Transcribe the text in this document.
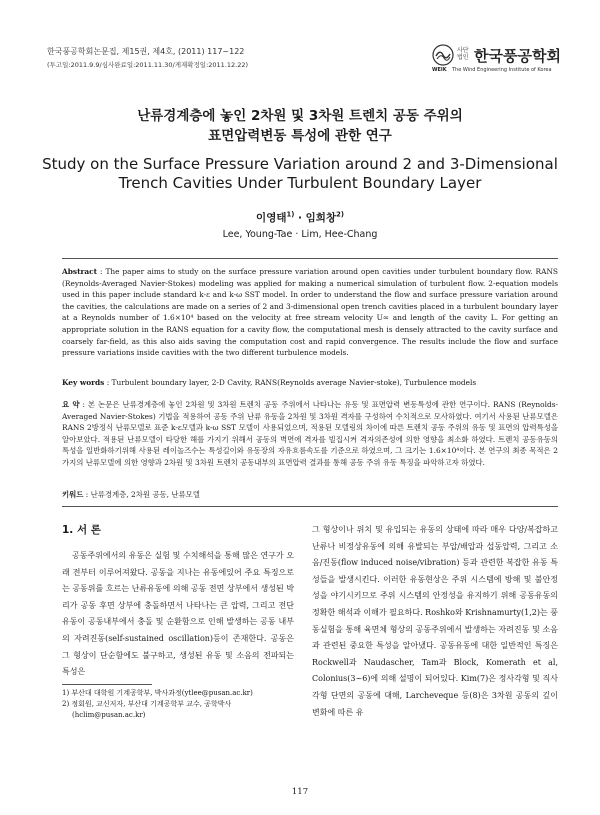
한국풍공학회논문집, 제15권, 제4호, (2011) 117~122
(투고일:2011.9.9/심사완료일:2011.11.30/게재확정일:2011.12.22)
사단 법인 한국풍공학회
WEIK The Wind Engineering Institute of Korea
난류경계층에 놓인 2차원 및 3차원 트렌치 공동 주위의
표면압력변동 특성에 관한 연구
Study on the Surface Pressure Variation around 2 and 3-Dimensional
Trench Cavities Under Turbulent Boundary Layer
이영태$^{1)}$ · 임희창$^{2)}$
Lee, Young-Tae · Lim, Hee-Chang
Abstract : The paper aims to study on the surface pressure variation around open cavities under turbulent boundary flow. RANS (Reynolds-Averaged Navier-Stokes) modeling was applied for making a numerical simulation of turbulent flow. 2-equation models used in this paper include standard k-ε and k-ω SST model. In order to understand the flow and surface pressure variation around the cavities, the calculations are made on a series of 2 and 3-dimensional open trench cavities placed in a turbulent boundary layer at a Reynolds number of 1.6×10⁴ based on the velocity at free stream velocity U∞ and length of the cavity L. For getting an appropriate solution in the RANS equation for a cavity flow, the computational mesh is densely attracted to the cavity surface and coarsely far-field, as this also aids saving the computation cost and rapid convergence. The results include the flow and surface pressure variations inside cavities with the two different turbulence models.
Key words : Turbulent boundary layer, 2-D Cavity, RANS(Reynolds average Navier-stoke), Turbulence models
요 약 : 본 논문은 난류경계층에 놓인 2차원 및 3차원 트렌치 공동 주위에서 나타나는 유동 및 표면압력 변동특성에 관한 연구이다. RANS (Reynolds-Averaged Navier-Stokes) 기법을 적용하여 공동 주위 난류 유동을 2차원 및 3차원 격자를 구성하여 수치적으로 모사하였다. 여기서 사용된 난류모델은 RANS 2방정식 난류모델로 표준 k-ε모델과 k-ω SST 모델이 사용되었으며, 적용된 모델링의 차이에 따른 트렌치 공동 주위의 유동 및 표면의 압력특성을 알아보았다. 적용된 난류모델이 타당한 해를 가지기 위해서 공동의 벽면에 격자를 빌집시켜 격자의존성에 의한 영향을 최소화 하였다. 트렌치 공동유동의 특성을 일반화하기위해 사용된 레이놀즈수는 특성길이와 유동장의 자유흐름속도를 기준으로 하였으며, 그 크기는 1.6×10⁴이다. 본 연구의 최종 목적은 2가지의 난류모델에 의한 영향과 2차원 및 3차원 트렌치 공동내부의 표면압력 결과를 통해 공동 주위 유동 특징을 파악하고자 하였다.
키워드 : 난류경계층, 2차원 공동, 난류모델
1. 서 론
공동주위에서의 유동은 실험 및 수치해석을 통해 많은 연구가 오래 전부터 이루어져왔다. 공동을 지나는 유동에있어 주요 특징으로는 공동위를 흐르는 난류유동에 의해 공동 전면 상부에서 생성된 박리가 공동 후면 상부에 충돌하면서 나타나는 큰 압력, 그리고 전단유동이 공동내부에서 충돌 및 순환함으로 인해 발생하는 공동 내부의 자려진동(self-sustained oscillation)등이 존재한다. 공동은 그 형상이 단순함에도 불구하고, 생성된 유동 및 소음의 전파되는 특성은
그 형상이나 위치 및 유입되는 유동의 상태에 따라 매우 다양/복잡하고 난류나 비정상유동에 의해 유발되는 부압/배압과 섭동압력, 그리고 소음/진동(flow induced noise/vibration) 등과 관련한 복잡한 유동 특성들을 발생시킨다. 이러한 유동현상은 주위 시스템에 방해 및 불안정성을 야기시키므로 주위 시스템의 안정성을 유지하기 위해 공동유동의 정확한 해석과 이해가 필요하다. Roshko와 Krishnamurty(1,2)는 풍동실험을 통해 육면체 형상의 공동주위에서 발생하는 자려진동 및 소음과 관련된 중요한 특성을 알아냈다. 공동유동에 대한 일반적인 특징은 Rockwell과 Naudascher, Tam과 Block, Komerath et al, Colonius(3~6)에 의해 설명이 되어있다. Kim(7)은 정사각형 및 직사각형 단면의 공동에 대해, Larcheveque 등(8)은 3차원 공동의 깊이변화에 따른 유
1) 부산대 대학원 기계공학부, 박사과정(ytlee@pusan.ac.kr)
2) 정회원, 교신저자, 부산대 기계공학부 교수, 공학박사
(hclim@pusan.ac.kr)
117
